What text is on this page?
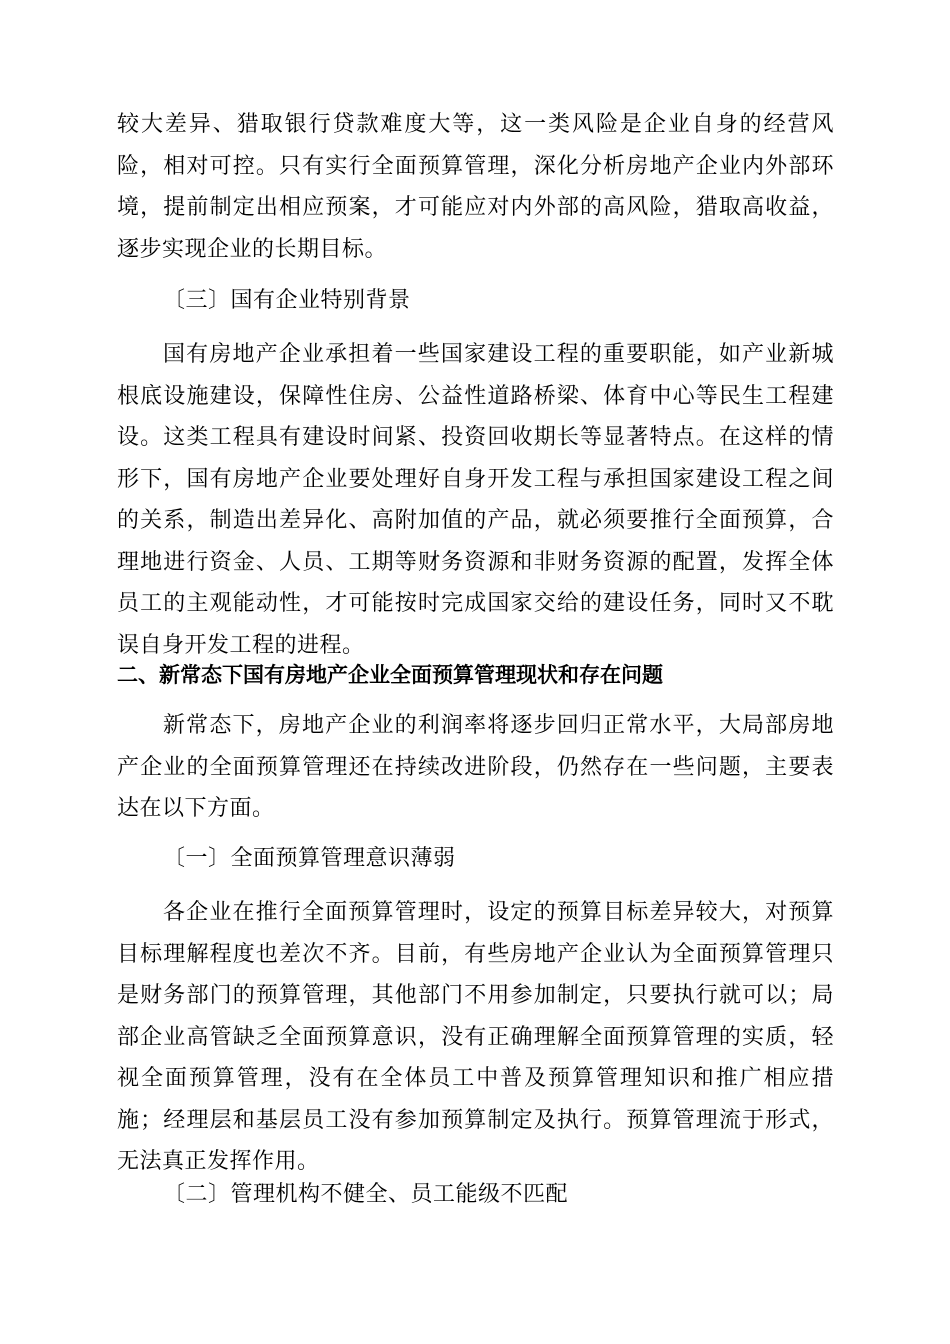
较大差异、猎取银行贷款难度大等，这一类风险是企业自身的经营风险，相对可控。只有实行全面预算管理，深化分析房地产企业内外部环境，提前制定出相应预案，才可能应对内外部的高风险，猎取高收益，逐步实现企业的长期目标。

〔三〕国有企业特别背景

国有房地产企业承担着一些国家建设工程的重要职能，如产业新城根底设施建设，保障性住房、公益性道路桥梁、体育中心等民生工程建设。这类工程具有建设时间紧、投资回收期长等显著特点。在这样的情形下，国有房地产企业要处理好自身开发工程与承担国家建设工程之间的关系，制造出差异化、高附加值的产品，就必须要推行全面预算，合理地进行资金、人员、工期等财务资源和非财务资源的配置，发挥全体员工的主观能动性，才可能按时完成国家交给的建设任务，同时又不耽误自身开发工程的进程。

二、新常态下国有房地产企业全面预算管理现状和存在问题

新常态下，房地产企业的利润率将逐步回归正常水平，大局部房地产企业的全面预算管理还在持续改进阶段，仍然存在一些问题，主要表达在以下方面。

〔一〕全面预算管理意识薄弱

各企业在推行全面预算管理时，设定的预算目标差异较大，对预算目标理解程度也差次不齐。目前，有些房地产企业认为全面预算管理只是财务部门的预算管理，其他部门不用参加制定，只要执行就可以；局部企业高管缺乏全面预算意识，没有正确理解全面预算管理的实质，轻视全面预算管理，没有在全体员工中普及预算管理知识和推广相应措施；经理层和基层员工没有参加预算制定及执行。预算管理流于形式，无法真正发挥作用。

〔二〕管理机构不健全、员工能级不匹配
